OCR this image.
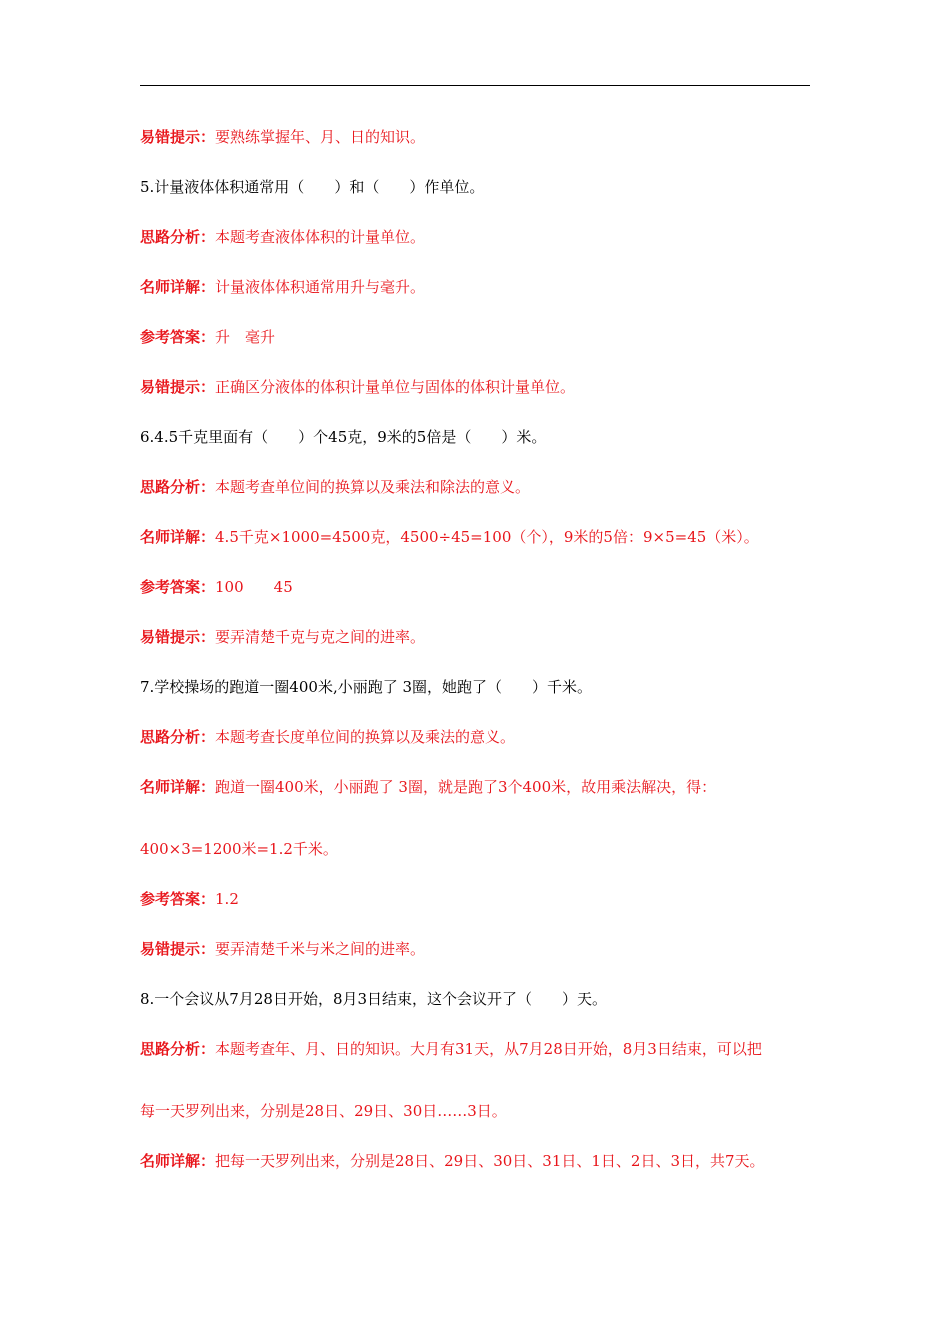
易错提示：要熟练掌握年、月、日的知识。
5.计量液体体积通常用（　　）和（　　）作单位。
思路分析：本题考查液体体积的计量单位。
名师详解：计量液体体积通常用升与毫升。
参考答案：升　毫升
易错提示：正确区分液体的体积计量单位与固体的体积计量单位。
6.4.5千克里面有（　　）个45克，9米的5倍是（　　）米。
思路分析：本题考查单位间的换算以及乘法和除法的意义。
名师详解：4.5千克×1000=4500克，4500÷45=100（个），9米的5倍：9×5=45（米）。
参考答案：100　　45
易错提示：要弄清楚千克与克之间的进率。
7.学校操场的跑道一圈400米,小丽跑了 3圈，她跑了（　　）千米。
思路分析：本题考查长度单位间的换算以及乘法的意义。
名师详解：跑道一圈400米，小丽跑了 3圈，就是跑了3个400米，故用乘法解决，得：
400×3=1200米=1.2千米。
参考答案：1.2
易错提示：要弄清楚千米与米之间的进率。
8.一个会议从7月28日开始，8月3日结束，这个会议开了（　　）天。
思路分析：本题考查年、月、日的知识。大月有31天，从7月28日开始，8月3日结束，可以把
每一天罗列出来，分别是28日、29日、30日……3日。
名师详解：把每一天罗列出来，分别是28日、29日、30日、31日、1日、2日、3日，共7天。
